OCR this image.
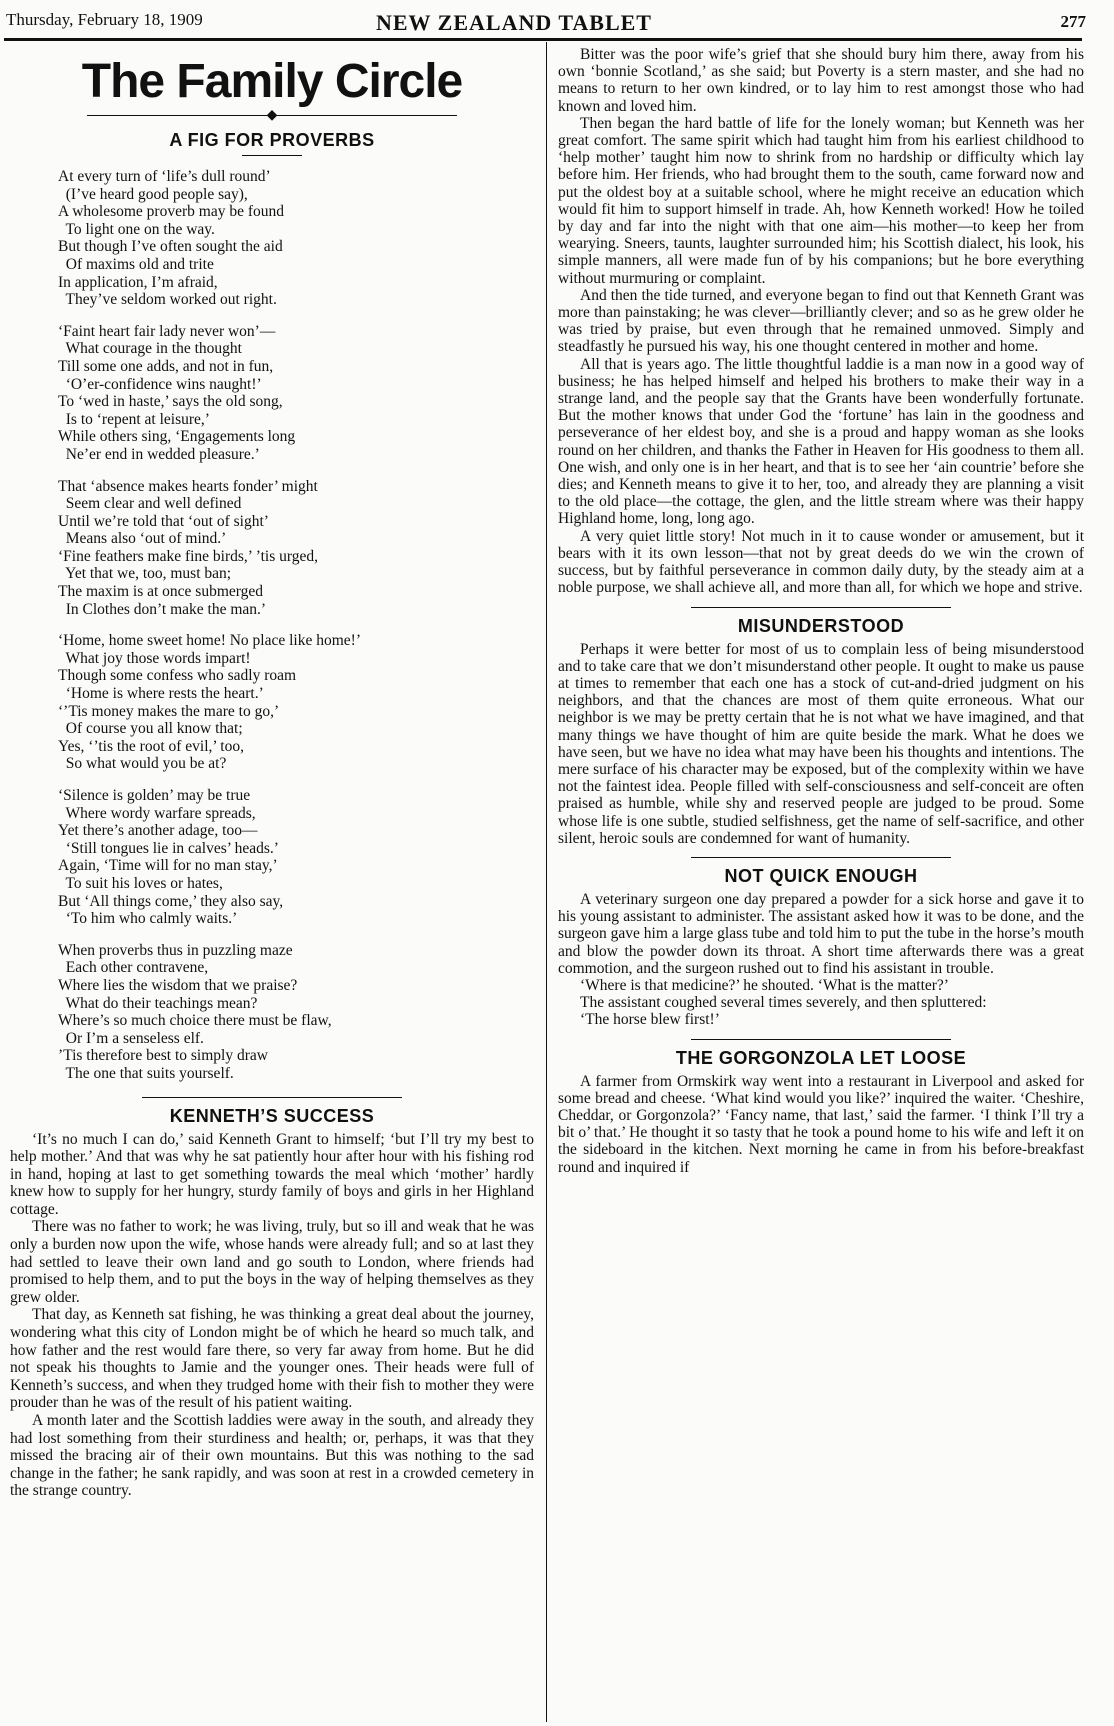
Thursday, February 18, 1909	NEW ZEALAND TABLET	277
The Family Circle
◆
A FIG FOR PROVERBS
At every turn of ‘life’s dull round’
(I’ve heard good people say),
A wholesome proverb may be found
To light one on the way.
But though I’ve often sought the aid
Of maxims old and trite
In application, I’m afraid,
They’ve seldom worked out right.
‘Faint heart fair lady never won’—
What courage in the thought
Till some one adds, and not in fun,
‘O’er-confidence wins naught!’
To ‘wed in haste,’ says the old song,
Is to ‘repent at leisure,’
While others sing, ‘Engagements long
Ne’er end in wedded pleasure.’
That ‘absence makes hearts fonder’ might
Seem clear and well defined
Until we’re told that ‘out of sight’
Means also ‘out of mind.’
‘Fine feathers make fine birds,’ ’tis urged,
Yet that we, too, must ban;
The maxim is at once submerged
In Clothes don’t make the man.’
‘Home, home sweet home! No place like home!’
What joy those words impart!
Though some confess who sadly roam
‘Home is where rests the heart.’
‘’Tis money makes the mare to go,’
Of course you all know that;
Yes, ‘’tis the root of evil,’ too,
So what would you be at?
‘Silence is golden’ may be true
Where wordy warfare spreads,
Yet there’s another adage, too—
‘Still tongues lie in calves’ heads.’
Again, ‘Time will for no man stay,’
To suit his loves or hates,
But ‘All things come,’ they also say,
‘To him who calmly waits.’
When proverbs thus in puzzling maze
Each other contravene,
Where lies the wisdom that we praise?
What do their teachings mean?
Where’s so much choice there must be flaw,
Or I’m a senseless elf.
’Tis therefore best to simply draw
The one that suits yourself.
KENNETH’S SUCCESS

‘It’s no much I can do,’ said Kenneth Grant to himself; ‘but I’ll try my best to help mother.’ And that was why he sat patiently hour after hour with his fishing rod in hand, hoping at last to get something towards the meal which ‘mother’ hardly knew how to supply for her hungry, sturdy family of boys and girls in her Highland cottage.

There was no father to work; he was living, truly, but so ill and weak that he was only a burden now upon the wife, whose hands were already full; and so at last they had settled to leave their own land and go south to London, where friends had promised to help them, and to put the boys in the way of helping themselves as they grew older.

That day, as Kenneth sat fishing, he was thinking a great deal about the journey, wondering what this city of London might be of which he heard so much talk, and how father and the rest would fare there, so very far away from home. But he did not speak his thoughts to Jamie and the younger ones. Their heads were full of Kenneth’s success, and when they trudged home with their fish to mother they were prouder than he was of the result of his patient waiting.

A month later and the Scottish laddies were away in the south, and already they had lost something from their sturdiness and health; or, perhaps, it was that they missed the bracing air of their own mountains. But this was nothing to the sad change in the father; he sank rapidly, and was soon at rest in a crowded cemetery in the strange country.

Bitter was the poor wife’s grief that she should bury him there, away from his own ‘bonnie Scotland,’ as she said; but Poverty is a stern master, and she had no means to return to her own kindred, or to lay him to rest amongst those who had known and loved him.

Then began the hard battle of life for the lonely woman; but Kenneth was her great comfort. The same spirit which had taught him from his earliest childhood to ‘help mother’ taught him now to shrink from no hardship or difficulty which lay before him. Her friends, who had brought them to the south, came forward now and put the oldest boy at a suitable school, where he might receive an education which would fit him to support himself in trade. Ah, how Kenneth worked! How he toiled by day and far into the night with that one aim—his mother—to keep her from wearying. Sneers, taunts, laughter surrounded him; his Scottish dialect, his look, his simple manners, all were made fun of by his companions; but he bore everything without murmuring or complaint.

And then the tide turned, and everyone began to find out that Kenneth Grant was more than painstaking; he was clever—brilliantly clever; and so as he grew older he was tried by praise, but even through that he remained unmoved. Simply and steadfastly he pursued his way, his one thought centered in mother and home.

All that is years ago. The little thoughtful laddie is a man now in a good way of business; he has helped himself and helped his brothers to make their way in a strange land, and the people say that the Grants have been wonderfully fortunate. But the mother knows that under God the ‘fortune’ has lain in the goodness and perseverance of her eldest boy, and she is a proud and happy woman as she looks round on her children, and thanks the Father in Heaven for His goodness to them all. One wish, and only one is in her heart, and that is to see her ‘ain countrie’ before she dies; and Kenneth means to give it to her, too, and already they are planning a visit to the old place—the cottage, the glen, and the little stream where was their happy Highland home, long, long ago.

A very quiet little story! Not much in it to cause wonder or amusement, but it bears with it its own lesson—that not by great deeds do we win the crown of success, but by faithful perseverance in common daily duty, by the steady aim at a noble purpose, we shall achieve all, and more than all, for which we hope and strive.

MISUNDERSTOOD

Perhaps it were better for most of us to complain less of being misunderstood and to take care that we don’t misunderstand other people. It ought to make us pause at times to remember that each one has a stock of cut-and-dried judgment on his neighbors, and that the chances are most of them quite erroneous. What our neighbor is we may be pretty certain that he is not what we have imagined, and that many things we have thought of him are quite beside the mark. What he does we have seen, but we have no idea what may have been his thoughts and intentions. The mere surface of his character may be exposed, but of the complexity within we have not the faintest idea. People filled with self-consciousness and self-conceit are often praised as humble, while shy and reserved people are judged to be proud. Some whose life is one subtle, studied selfishness, get the name of self-sacrifice, and other silent, heroic souls are condemned for want of humanity.

NOT QUICK ENOUGH

A veterinary surgeon one day prepared a powder for a sick horse and gave it to his young assistant to administer. The assistant asked how it was to be done, and the surgeon gave him a large glass tube and told him to put the tube in the horse’s mouth and blow the powder down its throat. A short time afterwards there was a great commotion, and the surgeon rushed out to find his assistant in trouble.

‘Where is that medicine?’ he shouted. ‘What is the matter?’

The assistant coughed several times severely, and then spluttered:

‘The horse blew first!’

THE GORGONZOLA LET LOOSE

A farmer from Ormskirk way went into a restaurant in Liverpool and asked for some bread and cheese. ‘What kind would you like?’ inquired the waiter. ‘Cheshire, Cheddar, or Gorgonzola?’ ‘Fancy name, that last,’ said the farmer. ‘I think I’ll try a bit o’ that.’ He thought it so tasty that he took a pound home to his wife and left it on the sideboard in the kitchen. Next morning he came in from his before-breakfast round and inquired if
